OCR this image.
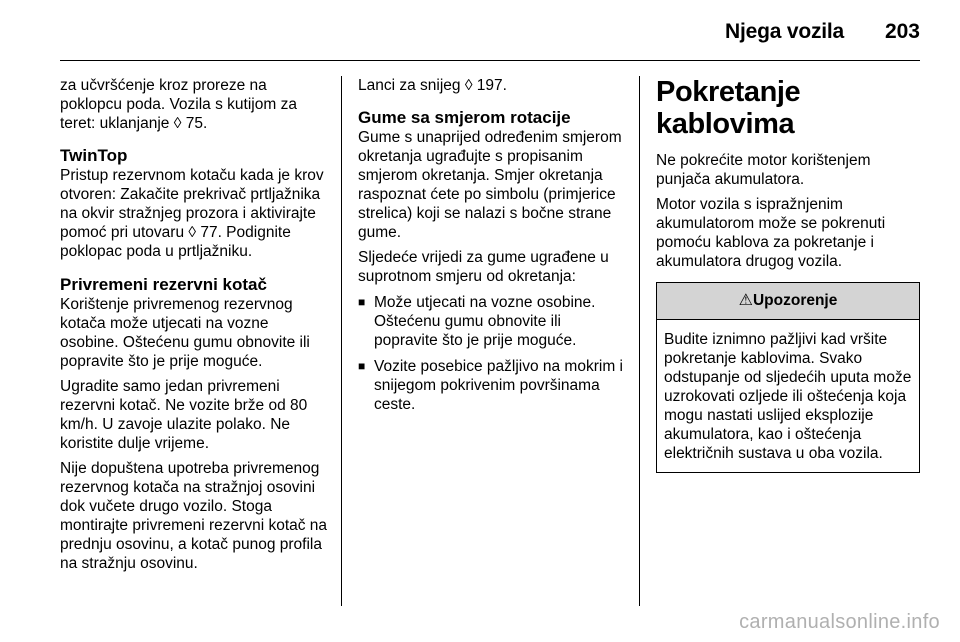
Njega vozila 203

za učvršćenje kroz proreze na poklopcu poda. Vozila s kutijom za teret: uklanjanje ◊ 75.

TwinTop

Pristup rezervnom kotaču kada je krov otvoren: Zakačite prekrivač prtljažnika na okvir stražnjeg prozora i aktivirajte pomoć pri utovaru ◊ 77. Podignite poklopac poda u prtljažniku.

Privremeni rezervni kotač

Korištenje privremenog rezervnog kotača može utjecati na vozne osobine. Oštećenu gumu obnovite ili popravite što je prije moguće.

Ugradite samo jedan privremeni rezervni kotač. Ne vozite brže od 80 km/h. U zavoje ulazite polako. Ne koristite dulje vrijeme.

Nije dopuštena upotreba privremenog rezervnog kotača na stražnjoj osovini dok vučete drugo vozilo. Stoga montirajte privremeni rezervni kotač na prednju osovinu, a kotač punog profila na stražnju osovinu.

Lanci za snijeg ◊ 197.

Gume sa smjerom rotacije

Gume s unaprijed određenim smjerom okretanja ugrađujte s propisanim smjerom okretanja. Smjer okretanja raspoznat ćete po simbolu (primjerice strelica) koji se nalazi s bočne strane gume.

Sljedeće vrijedi za gume ugrađene u suprotnom smjeru od okretanja:

■ Može utjecati na vozne osobine. Oštećenu gumu obnovite ili popravite što je prije moguće.
■ Vozite posebice pažljivo na mokrim i snijegom pokrivenim površinama ceste.
Pokretanje kablovima

Ne pokrećite motor korištenjem punjača akumulatora.

Motor vozila s ispražnjenim akumulatorom može se pokrenuti pomoću kablova za pokretanje i akumulatora drugog vozila.

⚠Upozorenje
Budite iznimno pažljivi kad vršite pokretanje kablovima. Svako odstupanje od sljedećih uputa može uzrokovati ozljede ili oštećenja koja mogu nastati uslijed eksplozije akumulatora, kao i oštećenja električnih sustava u oba vozila.
carmanualsonline.info
